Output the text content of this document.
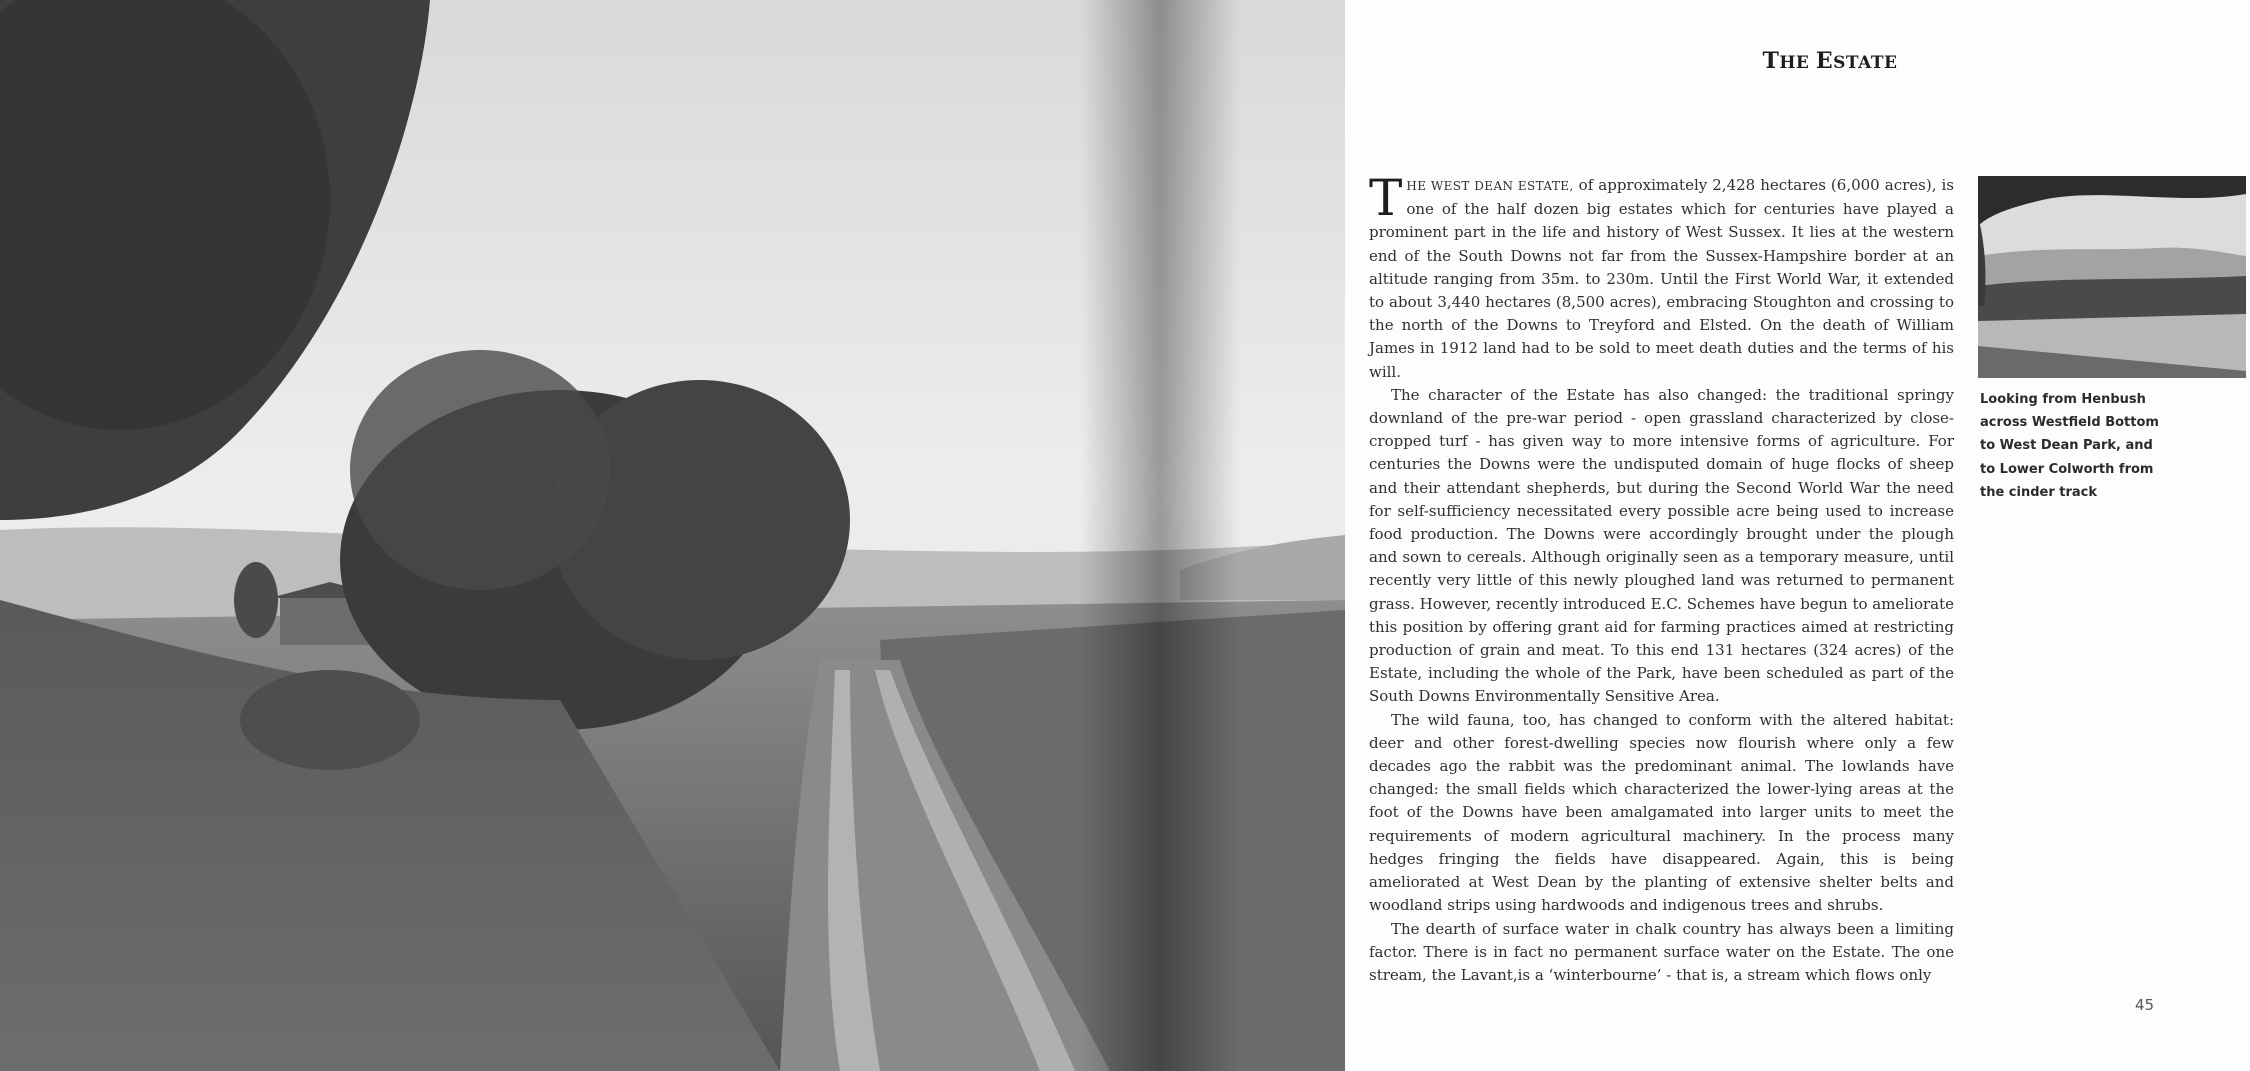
THE ESTATE

THE WEST DEAN ESTATE, of approximately 2,428 hectares (6,000 acres), is one of the half dozen big estates which for centuries have played a prominent part in the life and history of West Sussex. It lies at the western end of the South Downs not far from the Sussex-Hampshire border at an altitude ranging from 35m. to 230m. Until the First World War, it extended to about 3,440 hectares (8,500 acres), embracing Stoughton and crossing to the north of the Downs to Treyford and Elsted. On the death of William James in 1912 land had to be sold to meet death duties and the terms of his will.

The character of the Estate has also changed: the traditional springy downland of the pre-war period - open grassland characterized by close-cropped turf - has given way to more intensive forms of agriculture. For centuries the Downs were the undisputed domain of huge flocks of sheep and their attendant shepherds, but during the Second World War the need for self-sufficiency necessitated every possible acre being used to increase food production. The Downs were accordingly brought under the plough and sown to cereals. Although originally seen as a temporary measure, until recently very little of this newly ploughed land was returned to permanent grass. However, recently introduced E.C. Schemes have begun to ameliorate this position by offering grant aid for farming practices aimed at restricting production of grain and meat. To this end 131 hectares (324 acres) of the Estate, including the whole of the Park, have been scheduled as part of the South Downs Environmentally Sensitive Area.

The wild fauna, too, has changed to conform with the altered habitat: deer and other forest-dwelling species now flourish where only a few decades ago the rabbit was the predominant animal. The lowlands have changed: the small fields which characterized the lower-lying areas at the foot of the Downs have been amalgamated into larger units to meet the requirements of modern agricultural machinery. In the process many hedges fringing the fields have disappeared. Again, this is being ameliorated at West Dean by the planting of extensive shelter belts and woodland strips using hardwoods and indigenous trees and shrubs.

The dearth of surface water in chalk country has always been a limiting factor. There is in fact no permanent surface water on the Estate. The one stream, the Lavant,is a ‘winterbourne’ - that is, a stream which flows only

Looking from Henbush
across Westfield Bottom
to West Dean Park, and
to Lower Colworth from
the cinder track

45
